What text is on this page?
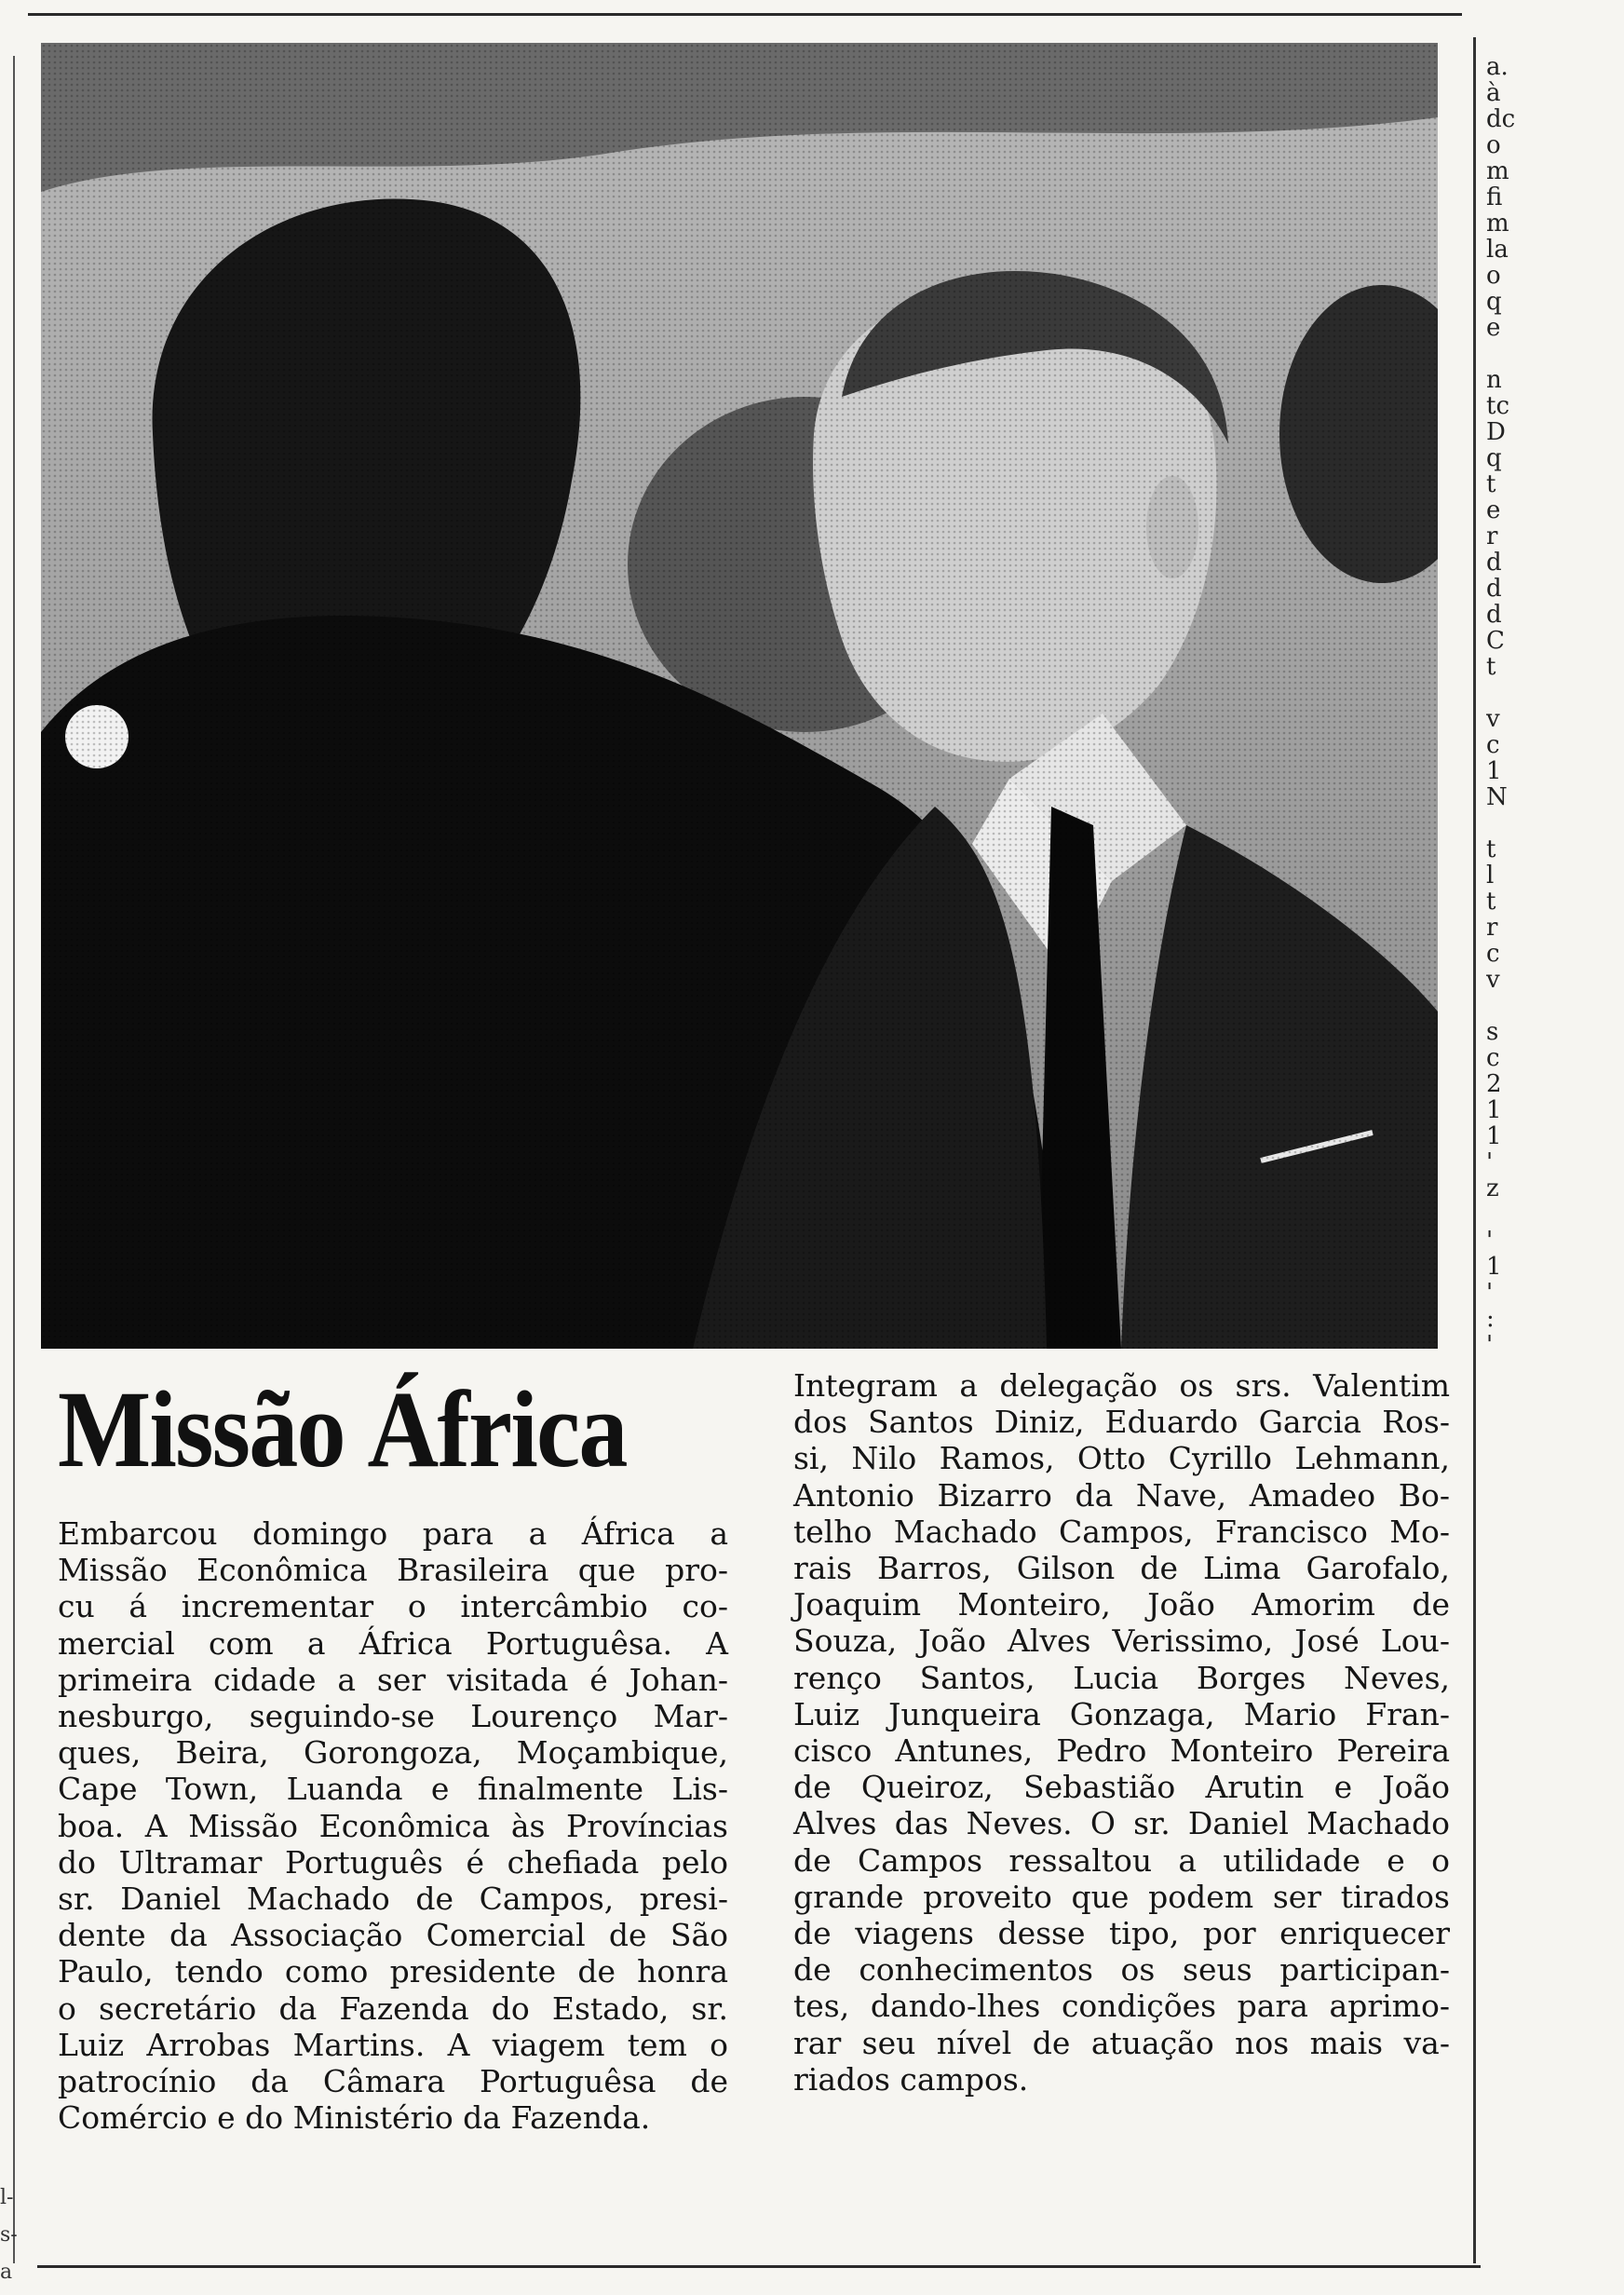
Missão África
Embarcou domingo para a África a
Missão Econômica Brasileira que pro-
cu á incrementar o intercâmbio co-
mercial com a África Portuguêsa. A
primeira cidade a ser visitada é Johan-
nesburgo, seguindo-se Lourenço Mar-
ques, Beira, Gorongoza, Moçambique,
Cape Town, Luanda e finalmente Lis-
boa. A Missão Econômica às Províncias
do Ultramar Português é chefiada pelo
sr. Daniel Machado de Campos, presi-
dente da Associação Comercial de São
Paulo, tendo como presidente de honra
o secretário da Fazenda do Estado, sr.
Luiz Arrobas Martins. A viagem tem o
patrocínio da Câmara Portuguêsa de
Comércio e do Ministério da Fazenda.
Integram a delegação os srs. Valentim
dos Santos Diniz, Eduardo Garcia Ros-
si, Nilo Ramos, Otto Cyrillo Lehmann,
Antonio Bizarro da Nave, Amadeo Bo-
telho Machado Campos, Francisco Mo-
rais Barros, Gilson de Lima Garofalo,
Joaquim Monteiro, João Amorim de
Souza, João Alves Verissimo, José Lou-
renço Santos, Lucia Borges Neves,
Luiz Junqueira Gonzaga, Mario Fran-
cisco Antunes, Pedro Monteiro Pereira
de Queiroz, Sebastião Arutin e João
Alves das Neves. O sr. Daniel Machado
de Campos ressaltou a utilidade e o
grande proveito que podem ser tirados
de viagens desse tipo, por enriquecer
de conhecimentos os seus participan-
tes, dando-lhes condições para aprimo-
rar seu nível de atuação nos mais va-
riados campos.
a.
à
dc
o
m
fi
m
la
o
q
e
n
tc
D
q
t
e
r
d
d
d
C
t
v
c
1
N
t
l
t
r
c
v
s
c
2
1
1
'
z
'
1
'
:
'
l-
s-
a
